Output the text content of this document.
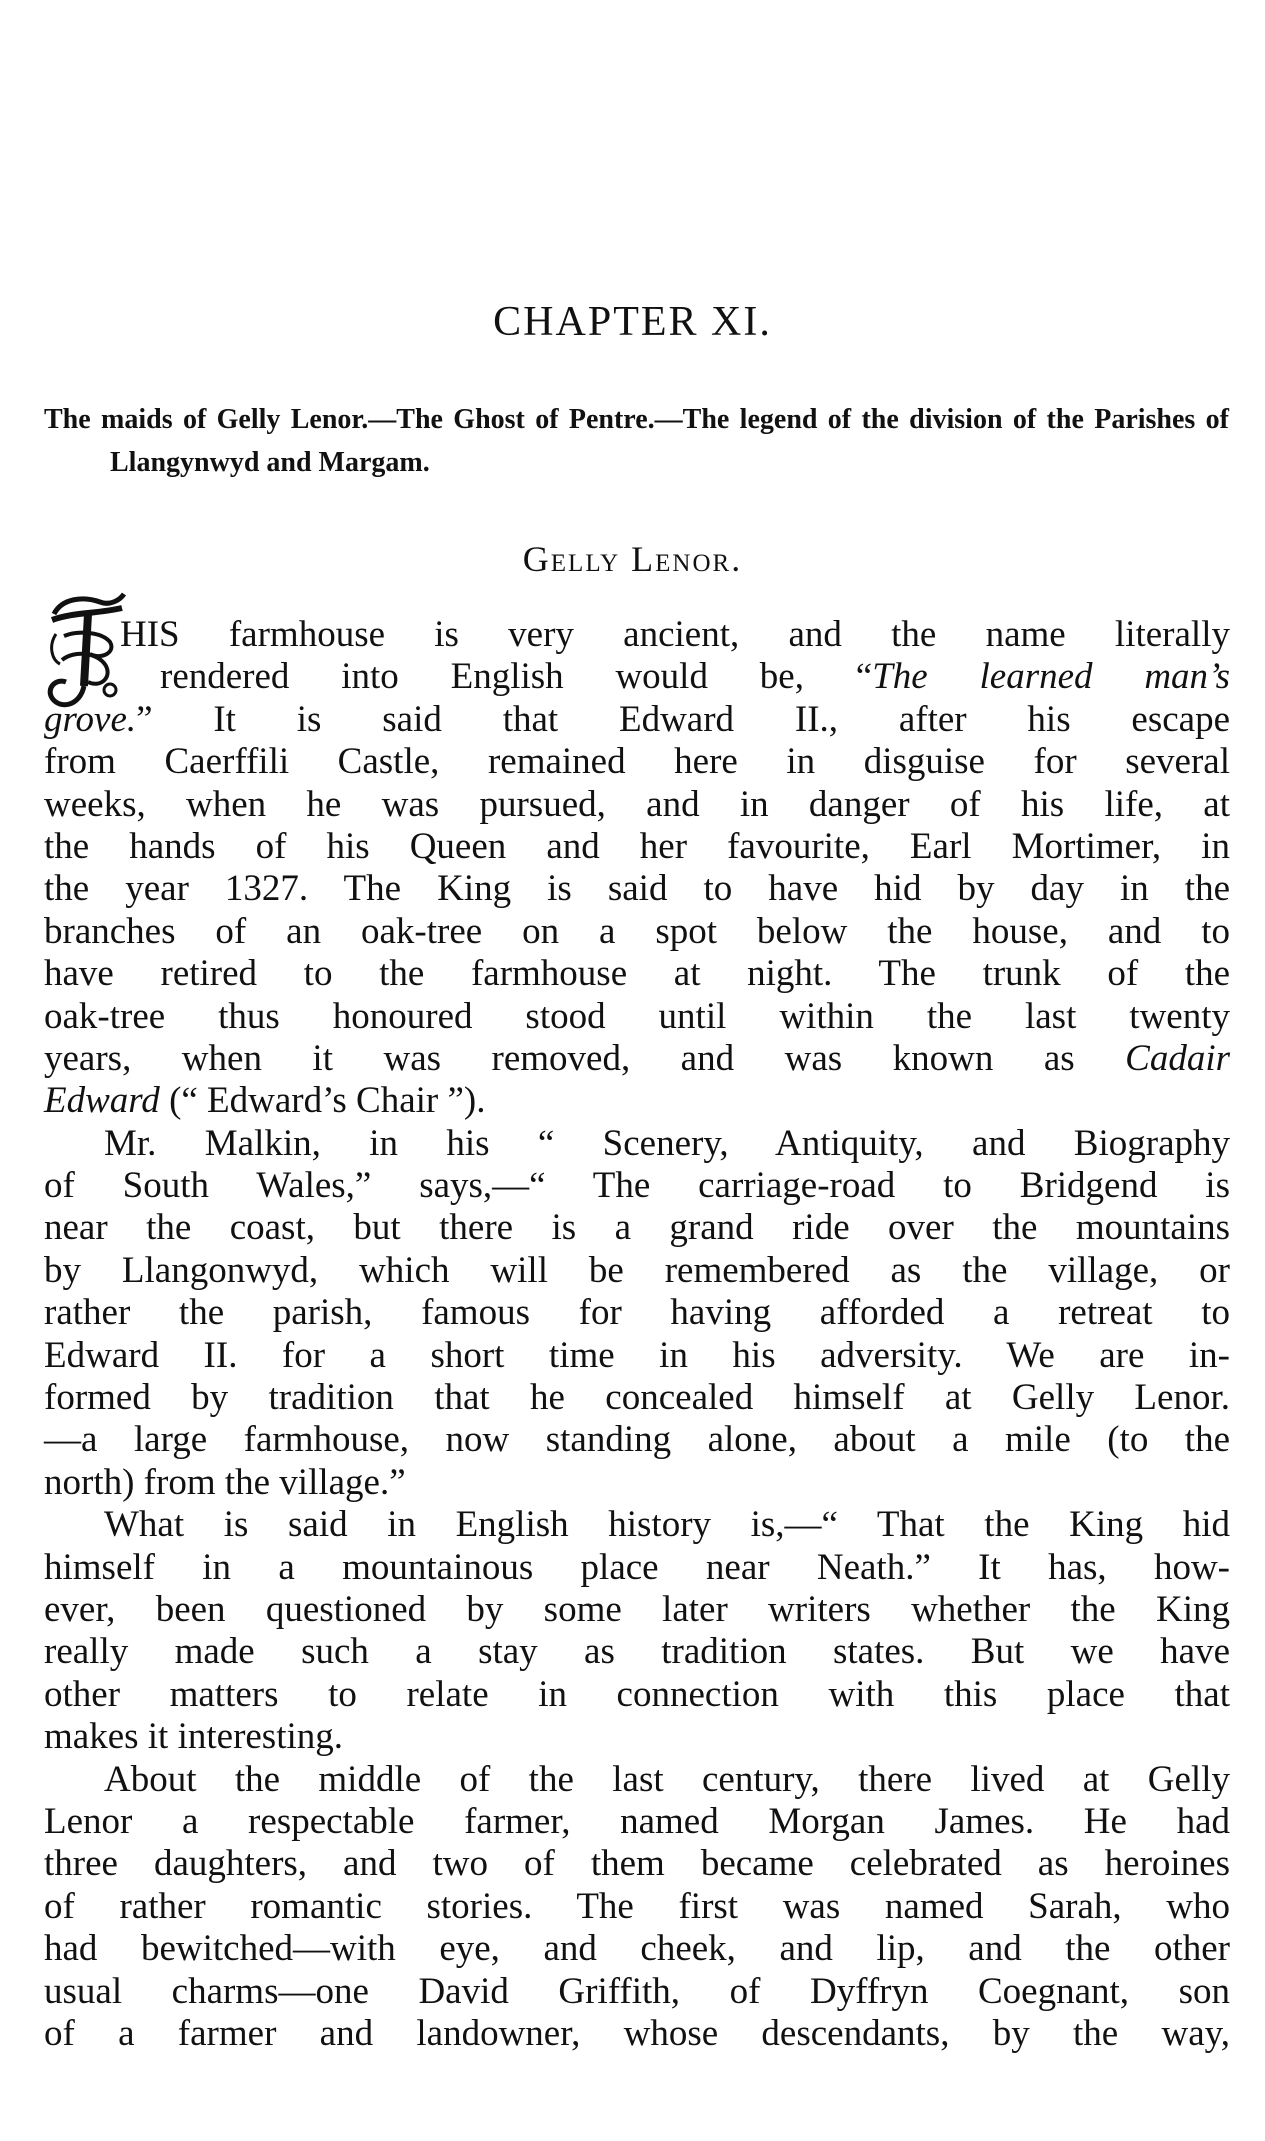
CHAPTER XI.

The maids of Gelly Lenor.—The Ghost of Pentre.—The legend of the division of the Parishes of Llangynwyd and Margam.

Gelly Lenor.
HIS farmhouse is very ancient, and the name literally
rendered into English would be, “The learned man’s
grove.” It is said that Edward II., after his escape
from Caerffili Castle, remained here in disguise for several
weeks, when he was pursued, and in danger of his life, at
the hands of his Queen and her favourite, Earl Mortimer, in
the year 1327. The King is said to have hid by day in the
branches of an oak-tree on a spot below the house, and to
have retired to the farmhouse at night. The trunk of the
oak-tree thus honoured stood until within the last twenty
years, when it was removed, and was known as Cadair
Edward (“ Edward’s Chair ”).
Mr. Malkin, in his “ Scenery, Antiquity, and Biography
of South Wales,” says,—“ The carriage-road to Bridgend is
near the coast, but there is a grand ride over the mountains
by Llangonwyd, which will be remembered as the village, or
rather the parish, famous for having afforded a retreat to
Edward II. for a short time in his adversity. We are in-
formed by tradition that he concealed himself at Gelly Lenor.
—a large farmhouse, now standing alone, about a mile (to the
north) from the village.”
What is said in English history is,—“ That the King hid
himself in a mountainous place near Neath.” It has, how-
ever, been questioned by some later writers whether the King
really made such a stay as tradition states. But we have
other matters to relate in connection with this place that
makes it interesting.
About the middle of the last century, there lived at Gelly
Lenor a respectable farmer, named Morgan James. He had
three daughters, and two of them became celebrated as heroines
of rather romantic stories. The first was named Sarah, who
had bewitched—with eye, and cheek, and lip, and the other
usual charms—one David Griffith, of Dyffryn Coegnant, son
of a farmer and landowner, whose descendants, by the way,
